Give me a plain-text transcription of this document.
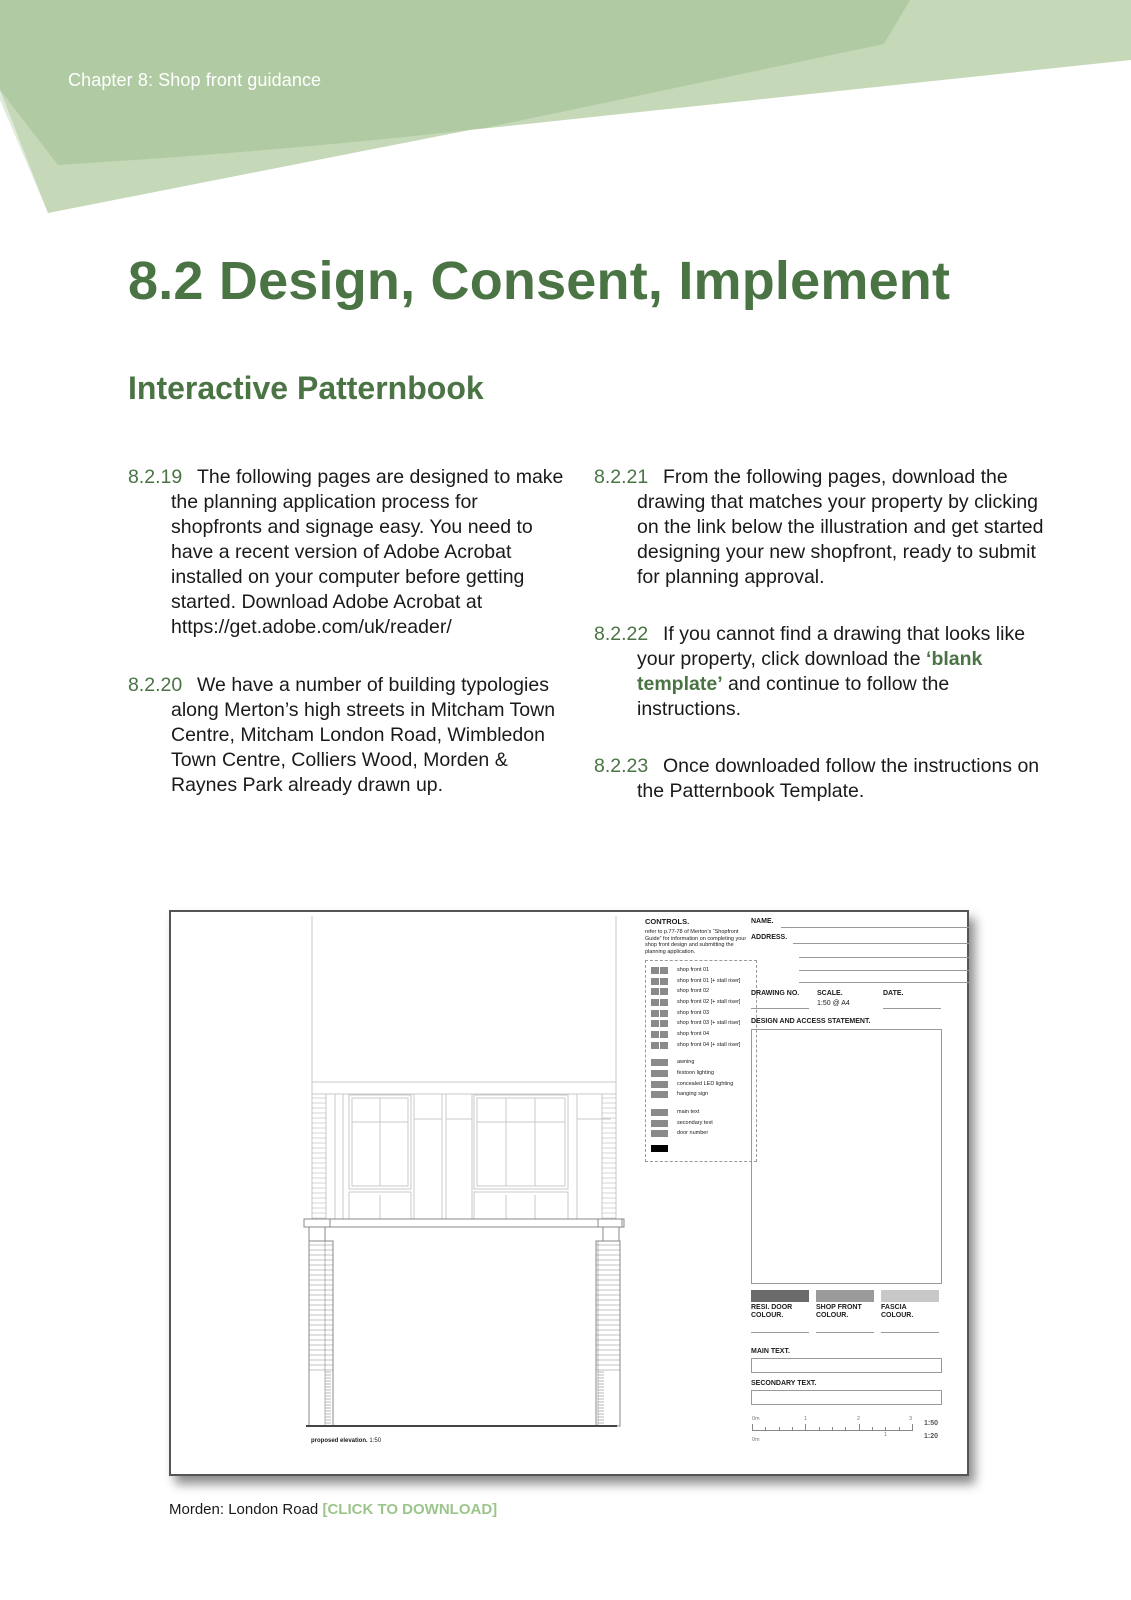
Chapter 8: Shop front guidance
8.2 Design, Consent, Implement
Interactive Patternbook
8.2.19 The following pages are designed to make the planning application process for shopfronts and signage easy. You need to have a recent version of Adobe Acrobat installed on your computer before getting started. Download Adobe Acrobat at https://get.adobe.com/uk/reader/

8.2.20 We have a number of building typologies along Merton’s high streets in Mitcham Town Centre, Mitcham London Road, Wimbledon Town Centre, Colliers Wood, Morden & Raynes Park already drawn up.

8.2.21 From the following pages, download the drawing that matches your property by clicking on the link below the illustration and get started designing your new shopfront, ready to submit for planning approval.

8.2.22 If you cannot find a drawing that looks like your property, click download the ‘blank template’ and continue to follow the instructions.

8.2.23 Once downloaded follow the instructions on the Patternbook Template.

proposed elevation. 1:50
CONTROLS.
refer to p.77-78 of Merton’s “Shopfront Guide” for information on completing your shop front design and submitting the planning application.
shop front 01
shop front 01 [+ stall riser]
shop front 02
shop front 02 [+ stall riser]
shop front 03
shop front 03 [+ stall riser]
shop front 04
shop front 04 [+ stall riser]
awning
festoon lighting
concealed LED lighting
hanging sign
main text
secondary text
door number
NAME.
ADDRESS.
DRAWING NO.	SCALE.
1:50 @ A4
DATE.
DESIGN AND ACCESS STATEMENT.
RESI. DOOR
COLOUR.
SHOP FRONT
COLOUR.
FASCIA
COLOUR.
MAIN TEXT.
SECONDARY TEXT.
0m	1	2	3
1:50
0m
1	1:20
Morden: London Road [CLICK TO DOWNLOAD]
